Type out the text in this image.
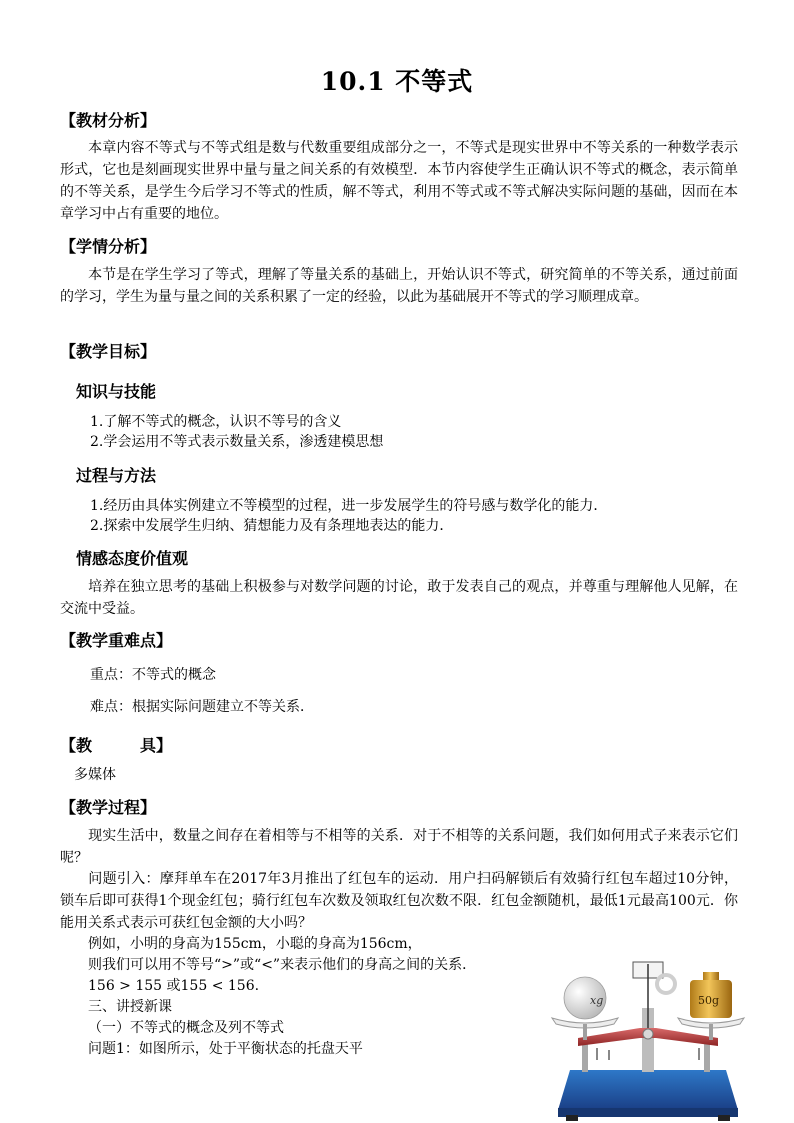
10.1 不等式
【教材分析】
本章内容不等式与不等式组是数与代数重要组成部分之一，不等式是现实世界中不等关系的一种数学表示形式，它也是刻画现实世界中量与量之间关系的有效模型．本节内容使学生正确认识不等式的概念，表示简单的不等关系，是学生今后学习不等式的性质，解不等式，利用不等式或不等式解决实际问题的基础，因而在本章学习中占有重要的地位。
【学情分析】
本节是在学生学习了等式，理解了等量关系的基础上，开始认识不等式，研究简单的不等关系，通过前面的学习，学生为量与量之间的关系积累了一定的经验，以此为基础展开不等式的学习顺理成章。
【教学目标】
知识与技能
1.了解不等式的概念，认识不等号的含义
2.学会运用不等式表示数量关系，渗透建模思想
过程与方法
1.经历由具体实例建立不等模型的过程，进一步发展学生的符号感与数学化的能力．
2.探索中发展学生归纳、猜想能力及有条理地表达的能力．
情感态度价值观
培养在独立思考的基础上积极参与对数学问题的讨论，敢于发表自己的观点，并尊重与理解他人见解，在交流中受益。
【教学重难点】
重点：不等式的概念
难点：根据实际问题建立不等关系．
【教　　　具】
多媒体
【教学过程】
现实生活中，数量之间存在着相等与不相等的关系．对于不相等的关系问题，我们如何用式子来表示它们呢？
问题引入：摩拜单车在2017年3月推出了红包车的运动．用户扫码解锁后有效骑行红包车超过10分钟，锁车后即可获得1个现金红包；骑行红包车次数及领取红包次数不限．红包金额随机，最低1元最高100元．你能用关系式表示可获红包金额的大小吗？
例如，小明的身高为155cm，小聪的身高为156cm，
则我们可以用不等号“>”或“<”来表示他们的身高之间的关系．
156 > 155 或155 < 156.
三、讲授新课
（一）不等式的概念及列不等式
问题1：如图所示，处于平衡状态的托盘天平
xg	50g
